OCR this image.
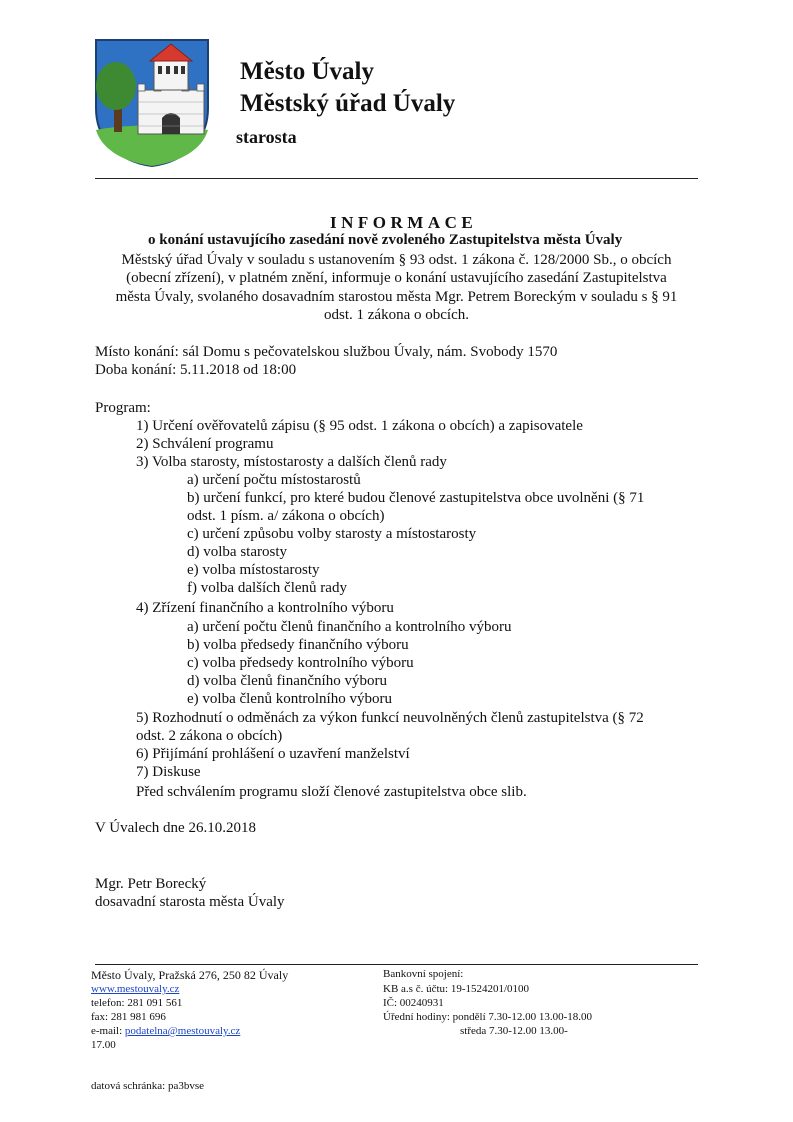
Město Úvaly
Městský úřad Úvaly
starosta
INFORMACE
o konání ustavujícího zasedání nově zvoleného Zastupitelstva města Úvaly
Městský úřad Úvaly v souladu s ustanovením § 93 odst. 1 zákona č. 128/2000 Sb., o obcích
(obecní zřízení), v platném znění, informuje o konání ustavujícího zasedání Zastupitelstva
města Úvaly, svolaného dosavadním starostou města Mgr. Petrem Boreckým v souladu s § 91
odst. 1 zákona o obcích.
Místo konání: sál Domu s pečovatelskou službou Úvaly, nám. Svobody 1570
Doba konání: 5.11.2018 od 18:00
Program:
1) Určení ověřovatelů zápisu (§ 95 odst. 1 zákona o obcích) a zapisovatele
2) Schválení programu
3) Volba starosty, místostarosty a dalších členů rady
a) určení počtu místostarostů
b) určení funkcí, pro které budou členové zastupitelstva obce uvolněni (§ 71
odst. 1 písm. a/ zákona o obcích)
c) určení způsobu volby starosty a místostarosty
d) volba starosty
e) volba místostarosty
f) volba dalších členů rady
4) Zřízení finančního a kontrolního výboru
a) určení počtu členů finančního a kontrolního výboru
b) volba předsedy finančního výboru
c) volba předsedy kontrolního výboru
d) volba členů finančního výboru
e) volba členů kontrolního výboru
5) Rozhodnutí o odměnách za výkon funkcí neuvolněných členů zastupitelstva (§ 72
odst. 2 zákona o obcích)
6) Přijímání prohlášení o uzavření manželství
7) Diskuse
Před schválením programu složí členové zastupitelstva obce slib.
V Úvalech dne 26.10.2018
Mgr. Petr Borecký
dosavadní starosta města Úvaly
Město Úvaly, Pražská 276, 250 82 Úvaly
www.mestouvaly.cz
telefon: 281 091 561
fax: 281 981 696
e-mail: podatelna@mestouvaly.cz
17.00
datová schránka: pa3bvse
Bankovní spojení:
KB a.s č. účtu: 19-1524201/0100
IČ: 00240931
Úřední hodiny: pondělí 7.30-12.00 13.00-18.00
středa 7.30-12.00 13.00-
